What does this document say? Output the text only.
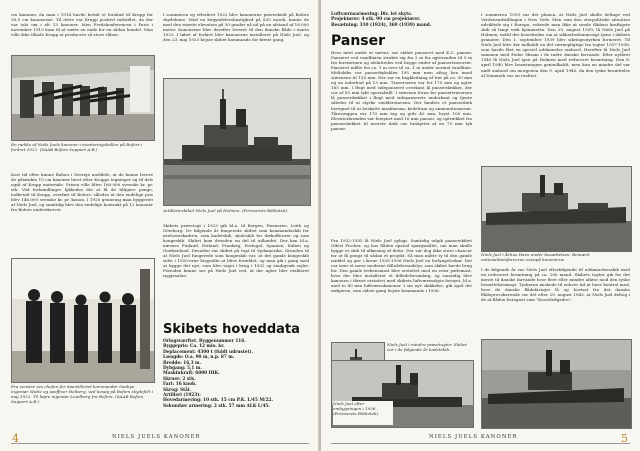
cm kanoner, da man i 1914 havde betalt et forskud til Krupp for 30,5 cm kanonerne. Til dette var Krupp positivt indstillet, da der var tale om i alt 13 kanoner. Men Fredskonferencen i Paris i november 1919 kom til at sætte en ende for en sådan handel. Man ville ikke tillade Krupp at producere så store våben.
En række af Niels Juels kanoner i monteringshallen på Bofors i foråret 1922. (SAAB Bofors Support A.B.)
Kort tid efter kunne Bofors i Sverige meddele, at de kunne levere de påtænkte 15 cm kanoner lavet efter Krupps tegninger og til dels også af Krupp materiale. Prisen ville blive 160.000 svenske kr. pr. stk. Ved forhandlinger lykkedes det at få de tilligere penge, indbetalt til Krupp, overført til Bofors, således at den endelige pris blev 146.000 svenske kr. pr. kanon. I 1920 gennemg man byggeriet af Niels Juel, og samtidig blev den endelige kontrakt på 12 kanoner fra Bofors underskrevet.
Fra venstre ses chefen for Søartilleriet kommandør Saabye, ingeniør Mottz og søofficer Heiberg, ved besøg på Bofors skydefelt i maj 1922. Til højre ingeniør Lundberg fra Bofors. (SAAB Bofors Support A.B.)
I sommeren og efteråret 1922 blev kanonerne prøveskudt på Bofors skydebane. Med en begyndelseshastighed på 835 m/sek. kunne de med den største elevation på 30 grader nå ud på en afstand af 18.000 meter. Kanonerne blev derefter leveret til den danske flåde i marts 1923. I løbet af foråret blev kanonerne installeret på Niels Juel, og den 23. maj 1923 hejste skibet kommando for første gang.
Artillerieskibet Niels Juel på Holmen. (Forsvarets Bibliotek).
Skibets prøvetogt i 1923 gik bl.a. til Bergen, Færøerne, Leith og Göteborg. De følgende år fungerede skibet som kommandoskib for øvelseseskadren, som kadetskib, skoleskib for dækofficerer og som kongeskib. Skibet kom desuden en del til udlandet. Der kan bl.a. nævnes Finland, Estland, Frankrig, Portugal, Spanien, Italien og Grækenland. Desuden var skibet på togt til Sydamerika. Grunden til at Niels Juel fungerede som kongeskib var, at det gamle kongeskib sidst i 1920-erne begyndte at blive forældet, og man gik i gang med at bygge det nye, som blev taget i brug i 1932 og stadigvæk sejler. Perioden kunne ses på Niels Juel ved, at der agter blev etableret ryggesalon.
Skibets hoveddata
Orlogsværftet. Byggenummer 116.
Byggepris: Ca. 12 mio. kr.
Deplacement: 4300 t (fuldt udrustet).
Længde: O.a. 90 m, n.p. 87 m.
Bredde: 16,3 m.
Dybgang: 5,1 m.
Maskinkraft: 6000 IHK.
Skruer: 2 stk.
Fart: 16 knob.
Skrog: Stål.
Artilleri (1923):
Hovedarmering: 10 stk. 15 cm P.K. L/45 M/22.
Sekundær armering: 2 stk. 57 mm ALK L/45.
4	NIELS JUELS KANONER
Luftværnsarmering: Div. let skyts.
Projektører: 4 stk. 90 cm projektører.
Besætning: 310 (1924), 369 (1939) mand.
Panser
Hvor intet andet er nævnt, var skibet panseret med K.C. panser. Panseret ved vandlinien strakte sig fra 2 m fra agterenden til 5 m fra forstævnen og afsluttedes ved begge ender af pansertraverser. Panseret målte fra ca. 1 m over til ca. 1 m under normal vandlinie. Midtskibs var panserbyksklen 195 mm men aftog hen imod stævnene til 155 mm. Der var en bagkledning af træ på ca. 50 mm og en inderhud på 13 mm. Traverserne var for 175 mm og agter 165 mm. I flugt med sidepanseret overkant lå panserdækket, der var af 55 mm tykt specialstål. I stævnen foran for pansertraversen lå panserdækket i flugt med sidepanserets underkant og tjente således til at styrke vædderstavnen. Der fandtes et panserdæk beregnet til at beskytte maskinrum, kedelrum og ammunitionsrum. Tårnvæggen var 170 mm tag og gulv 40 mm, bryst 100 mm. Elevatorbrønden var forsynet med 16 mm panser, og optrækket fra panserdækket til øverste dæk var beskyttet af en 75 mm tyk panser.
Fra 1932-1935 lå Niels Juel oplagt. Samtidig udgik panserskibet Olfert Fischer, og hos flåden opstod spørgsmålet, om man skulle bygge et skib til afløsning af dette. Der var dog ikke store chancer for at få penge til sådan et projekt. Så man måtte ty til den gamle middel og gav i årene 1935-1936 Niels Juel en forlyngelsekur. Det var især et mere moderne ildledelsesudstyr, som skibet havde brug for. Den gamle trebensmast blev erstattet med en svær pælemast, hvor der blev installeret et ildledelsesanlæg, og samtidig blev kanonen i tårnet erstattet med skibets luftværnsskyts fornyet, bl.a. med to 40 mm luftværnskanoner. I sin nye skikkelse, gik også det sækjerne, som sidste gang hejste kommando i 1936.
Niels Juel i mindre prøvetogter. Skibet var i de følgende år kadetskib.
Niels Juel efter ombygningen i 1936. (Forsvarets Bibliotek).
I sommeren 1939 var det planen, at Niels Juel skulle deltage ved Verdensudstillingen i New York. Men som den storpolitiske situation udviklede sig i Europa, voksede man ikke at sende flådens kraftigste skib så langt væk hjemmefra. Den 25. august 1939, lå Niels Juel på Holmen, indtil der beordredes om at sikkerhedsmæssigt tjene i skibets granater. Den 1. september 1939 blev sikringsstyrken formeret. Til Niels Juel blev der indkaldt en del værnepligtige fra togtet 1937-1938, som havde fået en speciel uddannelse ombord. Herefter lå Niels Juel sammen med Peder Skram i de indre danske farvande. Efter nytåret 1940 lå Niels Juel igen på Holmen med reduceret besætning. Den 8. april 1940 blev besætningen genindkaldt, men kun en mindre del var nødt ombord om morgenen den 9. april 1940, da den tyske besættelse af Danmark var en realitet.
Niels Juel i Århus Havn under besættelsen. Bemærk nationalitetsfarverne ovenpå kanonerne
I de følgende år var Niels Juel efterfølgende til uddannelsesskib med en reduceret besætning på ca. 200 mand. Skibets togter gik for det meste til danske farvande hvor fleet eller mindre afløse mod den tyske besættelsesmagt. Tyskerne ønskede til enhver tid at have kontrol med, hvor de danske flådefartøjer lå og bortsat fra det danske flådeprovokerende var det efter 29. august 1943, at Niels Juel deltog i de af flåden betegnet som "Kraveledgades".
NIELS JUELS KANONER	5
